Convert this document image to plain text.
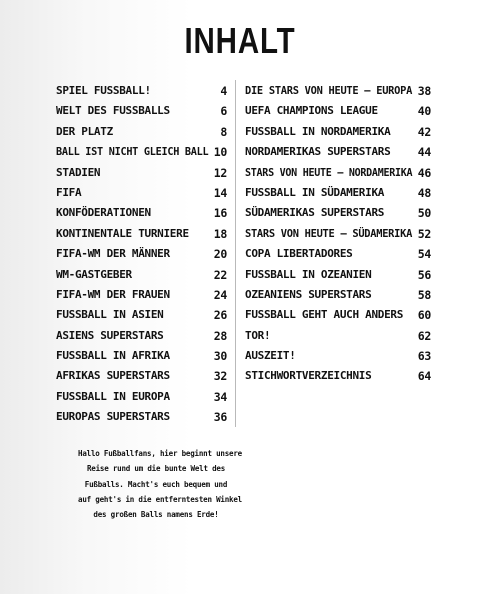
INHALT
SPIEL FUSSBALL!	4
WELT DES FUSSBALLS	6
DER PLATZ	8
BALL IST NICHT GLEICH BALL 10
STADIEN	12
FIFA	14
KONFÖDERATIONEN	16
KONTINENTALE TURNIERE 18
FIFA-WM DER MÄNNER	20
WM-GASTGEBER	22
FIFA-WM DER FRAUEN	24
FUSSBALL IN ASIEN	26
ASIENS SUPERSTARS	28
FUSSBALL IN AFRIKA	30
AFRIKAS SUPERSTARS	32
FUSSBALL IN EUROPA	34
EUROPAS SUPERSTARS	36
DIE STARS VON HEUTE – EUROPA 38
UEFA CHAMPIONS LEAGUE	40
FUSSBALL IN NORDAMERIKA 42
NORDAMERIKAS SUPERSTARS 44
STARS VON HEUTE – NORDAMERIKA 46
FUSSBALL IN SÜDAMERIKA	48
SÜDAMERIKAS SUPERSTARS	50
STARS VON HEUTE – SÜDAMERIKA 52
COPA LIBERTADORES	54
FUSSBALL IN OZEANIEN	56
OZEANIENS SUPERSTARS	58
FUSSBALL GEHT AUCH ANDERS 60
TOR!	62
AUSZEIT!	63
STICHWORTVERZEICHNIS	64
Hallo Fußballfans, hier beginnt unsere
Reise rund um die bunte Welt des
Fußballs. Macht's euch bequem und
auf geht's in die entferntesten Winkel
des großen Balls namens Erde!
